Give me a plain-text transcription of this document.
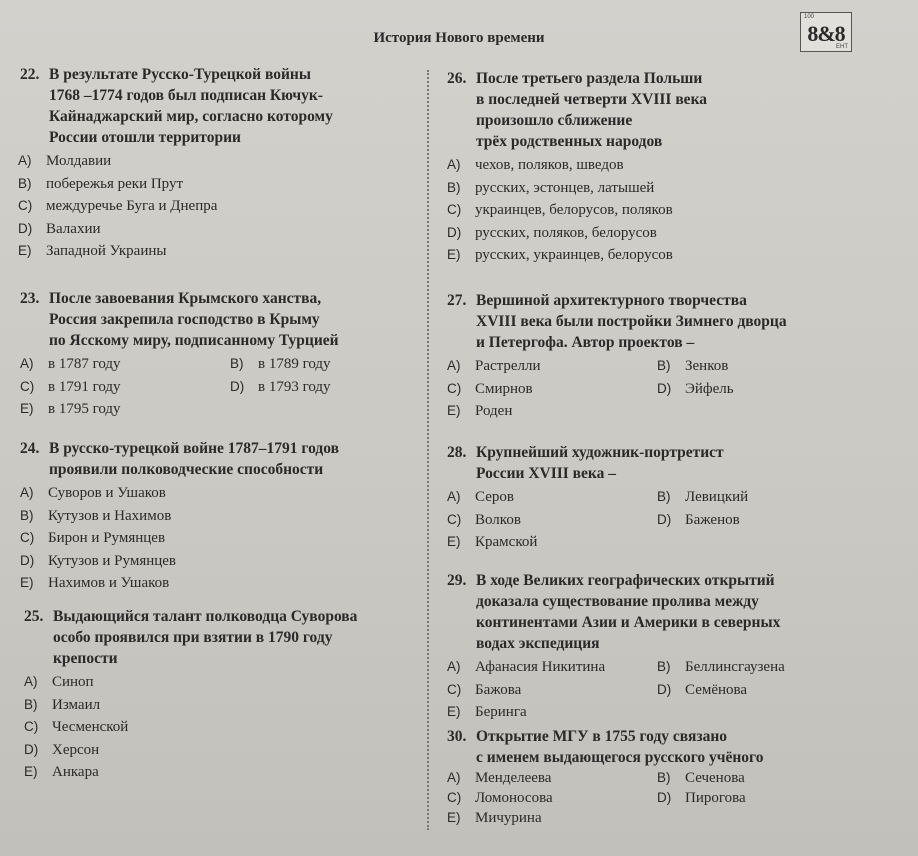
История Нового времени
100
8&8
ЕНТ
22. В результате Русско-Турецкой войны
1768 –1774 годов был подписан Кючук-
Кайнаджарский мир, согласно которому
России отошли территории
A) Молдавии
B) побережья реки Прут
C) междуречье Буга и Днепра
D) Валахии
E) Западной Украины
23. После завоевания Крымского ханства,
Россия закрепила господство в Крыму
по Ясскому миру, подписанному Турцией
A) в 1787 году	B) в 1789 году
C) в 1791 году	D) в 1793 году
E) в 1795 году
24. В русско-турецкой войне 1787–1791 годов
проявили полководческие способности
A) Суворов и Ушаков
B) Кутузов и Нахимов
C) Бирон и Румянцев
D) Кутузов и Румянцев
E) Нахимов и Ушаков
25. Выдающийся талант полководца Суворова
особо проявился при взятии в 1790 году
крепости
A) Синоп
B) Измаил
C) Чесменской
D) Херсон
E) Анкара
26. После третьего раздела Польши
в последней четверти XVIII века
произошло сближение
трёх родственных народов
A) чехов, поляков, шведов
B) русских, эстонцев, латышей
C) украинцев, белорусов, поляков
D) русских, поляков, белорусов
E) русских, украинцев, белорусов
27. Вершиной архитектурного творчества
XVIII века были постройки Зимнего дворца
и Петергофа. Автор проектов –
A) Растрелли	B) Зенков
C) Смирнов	D) Эйфель
E) Роден
28. Крупнейший художник-портретист
России XVIII века –
A) Серов	B) Левицкий
C) Волков	D) Баженов
E) Крамской
29. В ходе Великих географических открытий
доказала существование пролива между
континентами Азии и Америки в северных
водах экспедиция
A) Афанасия Никитина	B) Беллинсгаузена
C) Бажова	D) Семёнова
E) Беринга
30. Открытие МГУ в 1755 году связано
с именем выдающегося русского учёного
A) Менделеева	B) Сеченова
C) Ломоносова	D) Пирогова
E) Мичурина
